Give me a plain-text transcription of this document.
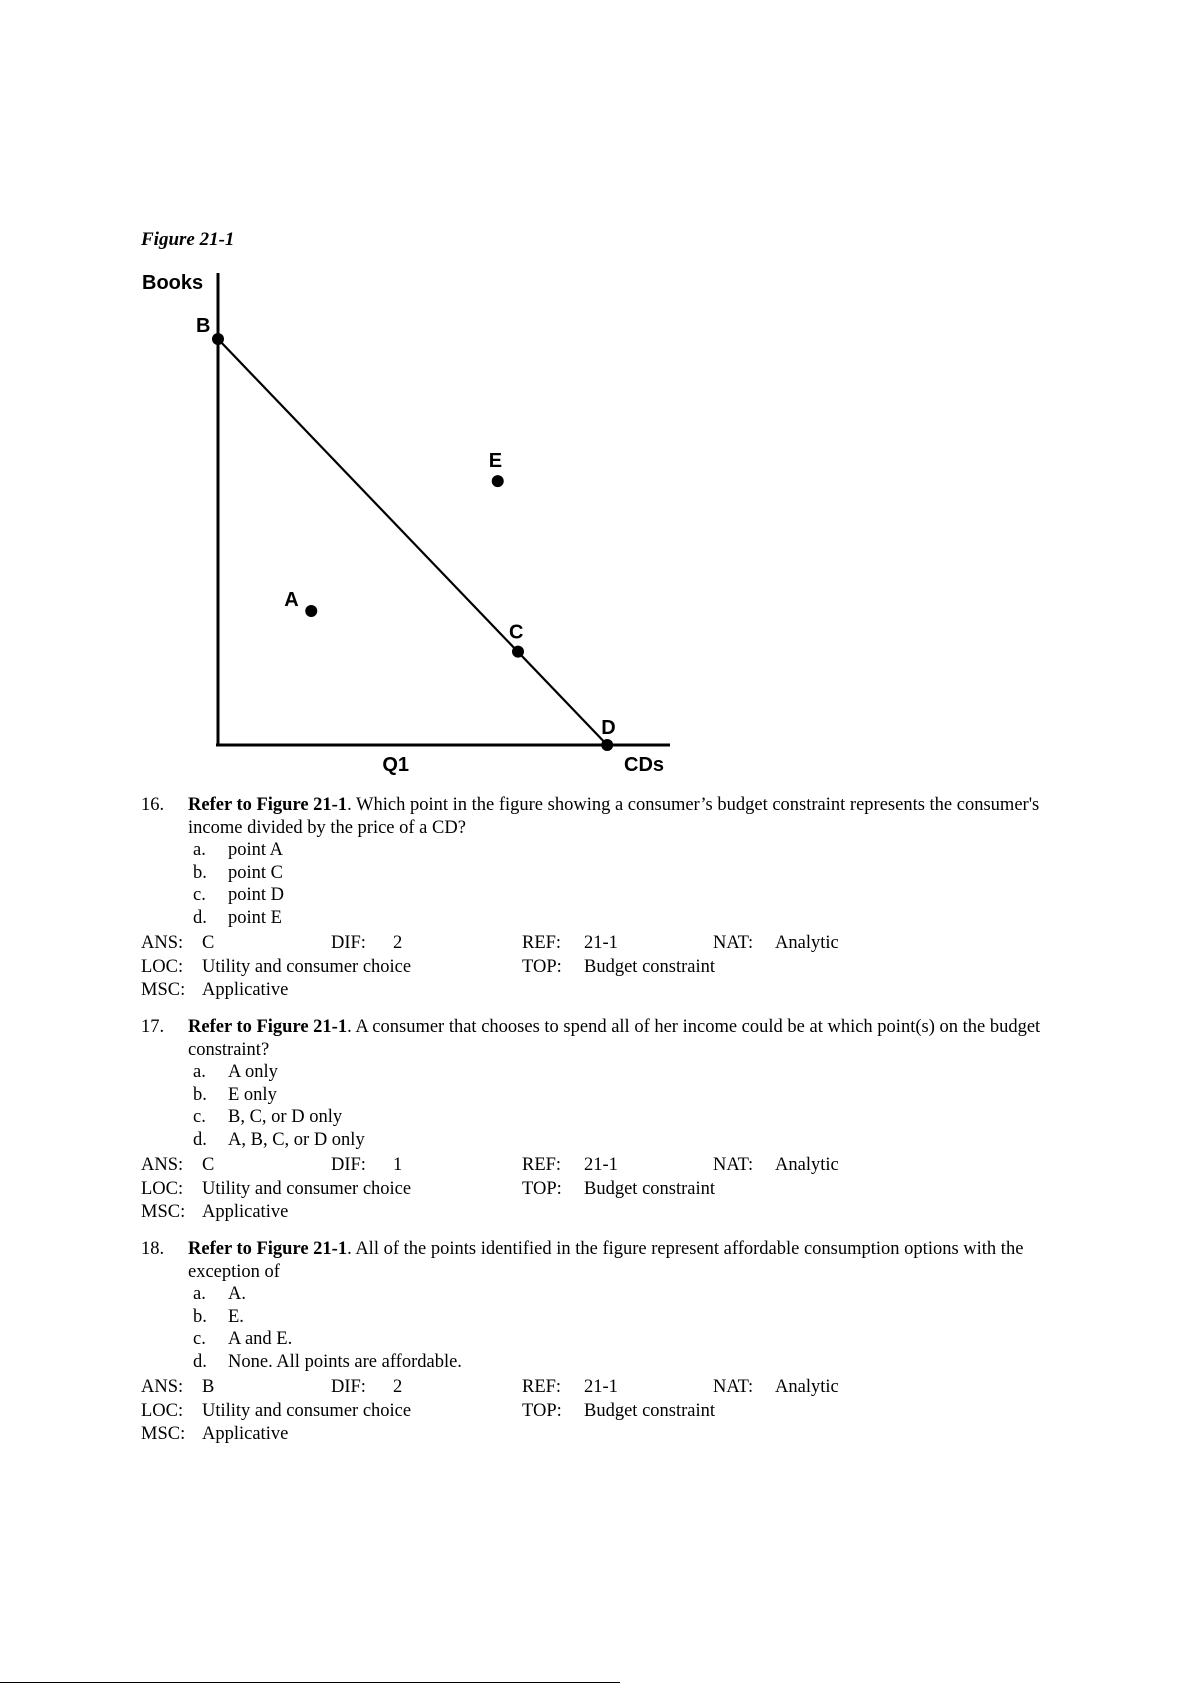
Figure 21-1
Books
CDs
Q1
B
E
A
C
D
16. Refer to Figure 21-1. Which point in the figure showing a consumer’s budget constraint represents the consumer's income divided by the price of a CD?
a. point A
b. point C
c. point D
d. point E
ANS: C	DIF: 2	REF: 21-1	NAT: Analytic
LOC: Utility and consumer choice	TOP: Budget constraint
MSC: Applicative
17. Refer to Figure 21-1. A consumer that chooses to spend all of her income could be at which point(s) on the budget constraint?
a. A only
b. E only
c. B, C, or D only
d. A, B, C, or D only
ANS: C	DIF: 1	REF: 21-1	NAT: Analytic
LOC: Utility and consumer choice	TOP: Budget constraint
MSC: Applicative
18. Refer to Figure 21-1. All of the points identified in the figure represent affordable consumption options with the exception of
a. A.
b. E.
c. A and E.
d. None. All points are affordable.
ANS: B	DIF: 2	REF: 21-1	NAT: Analytic
LOC: Utility and consumer choice	TOP: Budget constraint
MSC: Applicative
